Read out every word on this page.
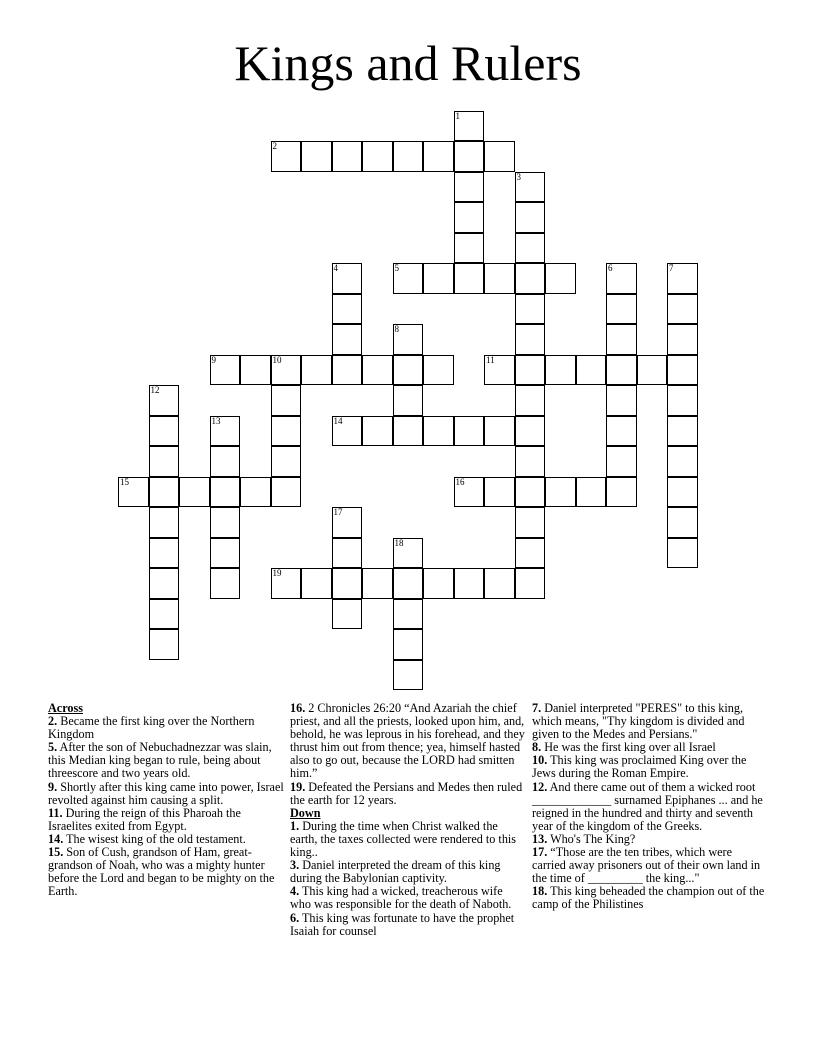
Kings and Rulers
1
2
3
4	5	6	7
8
9	10	11
12
13	14
15	16
17
18
19

Across

2. Became the first king over the Northern Kingdom

5. After the son of Nebuchadnezzar was slain, this Median king began to rule, being about threescore and two years old.

9. Shortly after this king came into power, Israel revolted against him causing a split.

11. During the reign of this Pharoah the Israelites exited from Egypt.

14. The wisest king of the old testament.

15. Son of Cush, grandson of Ham, great-grandson of Noah, who was a mighty hunter before the Lord and began to be mighty on the Earth.

16. 2 Chronicles 26:20 “And Azariah the chief priest, and all the priests, looked upon him, and, behold, he was leprous in his forehead, and they thrust him out from thence; yea, himself hasted also to go out, because the LORD had smitten him.”

19. Defeated the Persians and Medes then ruled the earth for 12 years.

Down

1. During the time when Christ walked the earth, the taxes collected were rendered to this king..

3. Daniel interpreted the dream of this king during the Babylonian captivity.

4. This king had a wicked, treacherous wife who was responsible for the death of Naboth.

6. This king was fortunate to have the prophet Isaiah for counsel

7. Daniel interpreted "PERES" to this king, which means, "Thy kingdom is divided and given to the Medes and Persians."

8. He was the first king over all Israel

10. This king was proclaimed King over the Jews during the Roman Empire.

12. And there came out of them a wicked root _____________ surnamed Epiphanes ... and he reigned in the hundred and thirty and seventh year of the kingdom of the Greeks.

13. Who's The King?

17. “Those are the ten tribes, which were carried away prisoners out of their own land in the time of _________ the king..."

18. This king beheaded the champion out of the camp of the Philistines
